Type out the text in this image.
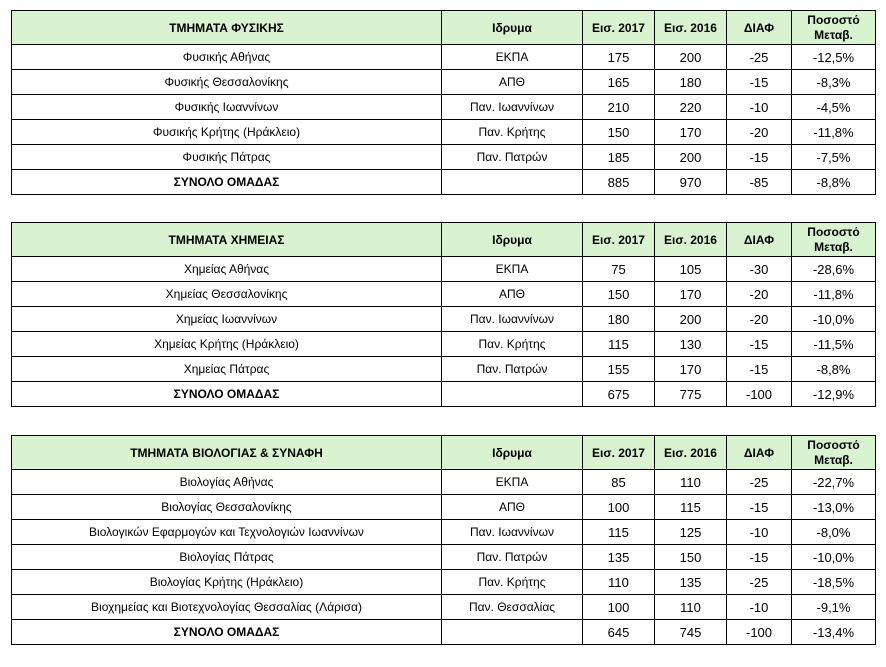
ΤΜΗΜΑΤΑ ΦΥΣΙΚΗΣ	Ιδρυμα	Εισ. 2017	Εισ. 2016	ΔΙΑΦ	Ποσοστό
Μεταβ.

Φυσικής Αθήνας	ΕΚΠΑ	175	200	-25	-12,5%
Φυσικής Θεσσαλονίκης	ΑΠΘ	165	180	-15	-8,3%
Φυσικής Ιωαννίνων	Παν. Ιωαννίνων	210	220	-10	-4,5%
Φυσικής Κρήτης (Ηράκλειο)	Παν. Κρήτης	150	170	-20	-11,8%
Φυσικής Πάτρας	Παν. Πατρών	185	200	-15	-7,5%
ΣΥΝΟΛΟ ΟΜΑΔΑΣ		885	970	-85	-8,8%
ΤΜΗΜΑΤΑ ΧΗΜΕΙΑΣ	Ιδρυμα	Εισ. 2017	Εισ. 2016	ΔΙΑΦ	Ποσοστό
Μεταβ.

Χημείας Αθήνας	ΕΚΠΑ	75	105	-30	-28,6%
Χημείας Θεσσαλονίκης	ΑΠΘ	150	170	-20	-11,8%
Χημείας Ιωαννίνων	Παν. Ιωαννίνων	180	200	-20	-10,0%
Χημείας Κρήτης (Ηράκλειο)	Παν. Κρήτης	115	130	-15	-11,5%
Χημείας Πάτρας	Παν. Πατρών	155	170	-15	-8,8%
ΣΥΝΟΛΟ ΟΜΑΔΑΣ		675	775	-100	-12,9%
ΤΜΗΜΑΤΑ ΒΙΟΛΟΓΙΑΣ & ΣΥΝΑΦΗ	Ιδρυμα	Εισ. 2017	Εισ. 2016	ΔΙΑΦ	Ποσοστό
Μεταβ.

Βιολογίας Αθήνας	ΕΚΠΑ	85	110	-25	-22,7%
Βιολογίας Θεσσαλονίκης	ΑΠΘ	100	115	-15	-13,0%
Βιολογικών Εφαρμογών και Τεχνολογιών Ιωαννίνων	Παν. Ιωαννίνων	115	125	-10	-8,0%
Βιολογίας Πάτρας	Παν. Πατρών	135	150	-15	-10,0%
Βιολογίας Κρήτης (Ηράκλειο)	Παν. Κρήτης	110	135	-25	-18,5%
Βιοχημείας και Βιοτεχνολογίας Θεσσαλίας (Λάρισα)	Παν. Θεσσαλίας	100	110	-10	-9,1%
ΣΥΝΟΛΟ ΟΜΑΔΑΣ		645	745	-100	-13,4%
